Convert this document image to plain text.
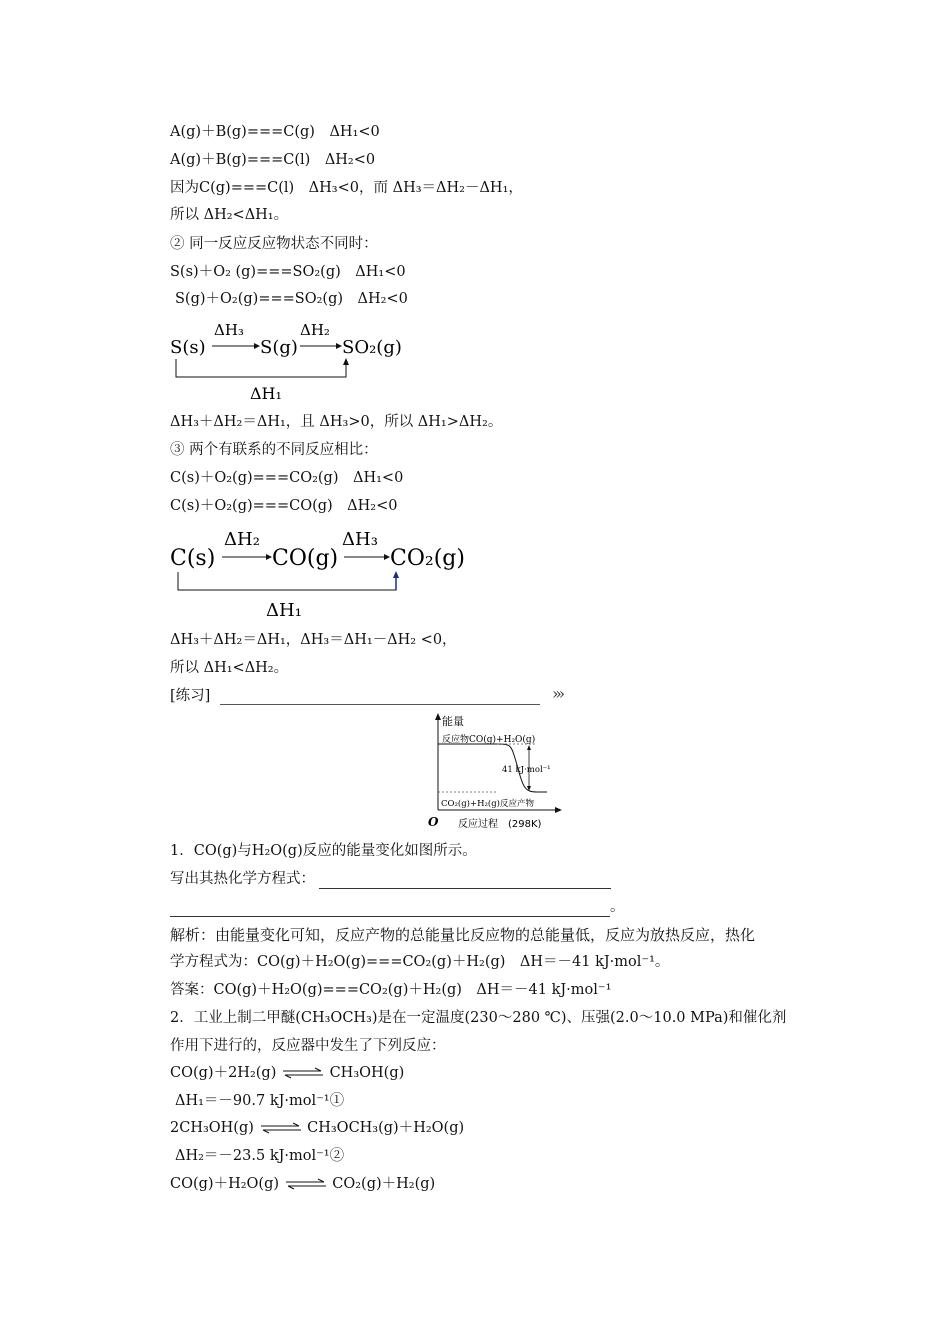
A(g)＋B(g)===C(g)　ΔH₁<0
A(g)＋B(g)===C(l)　ΔH₂<0
因为C(g)===C(l)　ΔH₃<0，而 ΔH₃＝ΔH₂－ΔH₁，
所以 ΔH₂<ΔH₁。
② 同一反应反应物状态不同时：
S(s)＋O₂ (g)===SO₂(g)　ΔH₁<0
S(g)＋O₂(g)===SO₂(g)　ΔH₂<0
S(s)
ΔH₃
S(g)
ΔH₂
SO₂(g)
ΔH₁
ΔH₃＋ΔH₂＝ΔH₁，且 ΔH₃>0，所以 ΔH₁>ΔH₂。
③ 两个有联系的不同反应相比：
C(s)＋O₂(g)===CO₂(g)　ΔH₁<0
C(s)＋O₂(g)===CO(g)　ΔH₂<0
C(s)
ΔH₂
CO(g)
ΔH₃
CO₂(g)
ΔH₁
ΔH₃＋ΔH₂＝ΔH₁，ΔH₃＝ΔH₁－ΔH₂ <0，
所以 ΔH₁<ΔH₂。
[练习]	›››
能量
反应物CO(g)+H₂O(g)
41 kJ·mol⁻¹
CO₂(g)+H₂(g)反应产物
O 反应过程　(298K)
1．CO(g)与H₂O(g)反应的能量变化如图所示。
写出其热化学方程式：
。
解析：由能量变化可知，反应产物的总能量比反应物的总能量低，反应为放热反应，热化
学方程式为：CO(g)＋H₂O(g)===CO₂(g)＋H₂(g)　ΔH＝－41 kJ·mol⁻¹。
答案：CO(g)＋H₂O(g)===CO₂(g)＋H₂(g)　ΔH＝－41 kJ·mol⁻¹
2．工业上制二甲醚(CH₃OCH₃)是在一定温度(230～280 ℃)、压强(2.0～10.0 MPa)和催化剂
作用下进行的，反应器中发生了下列反应：
CO(g)＋2H₂(g) ⇌ CH₃OH(g)
ΔH₁＝－90.7 kJ·mol⁻¹①
2CH₃OH(g) ⇌ CH₃OCH₃(g)＋H₂O(g)
ΔH₂＝－23.5 kJ·mol⁻¹②
CO(g)＋H₂O(g) ⇌ CO₂(g)＋H₂(g)
